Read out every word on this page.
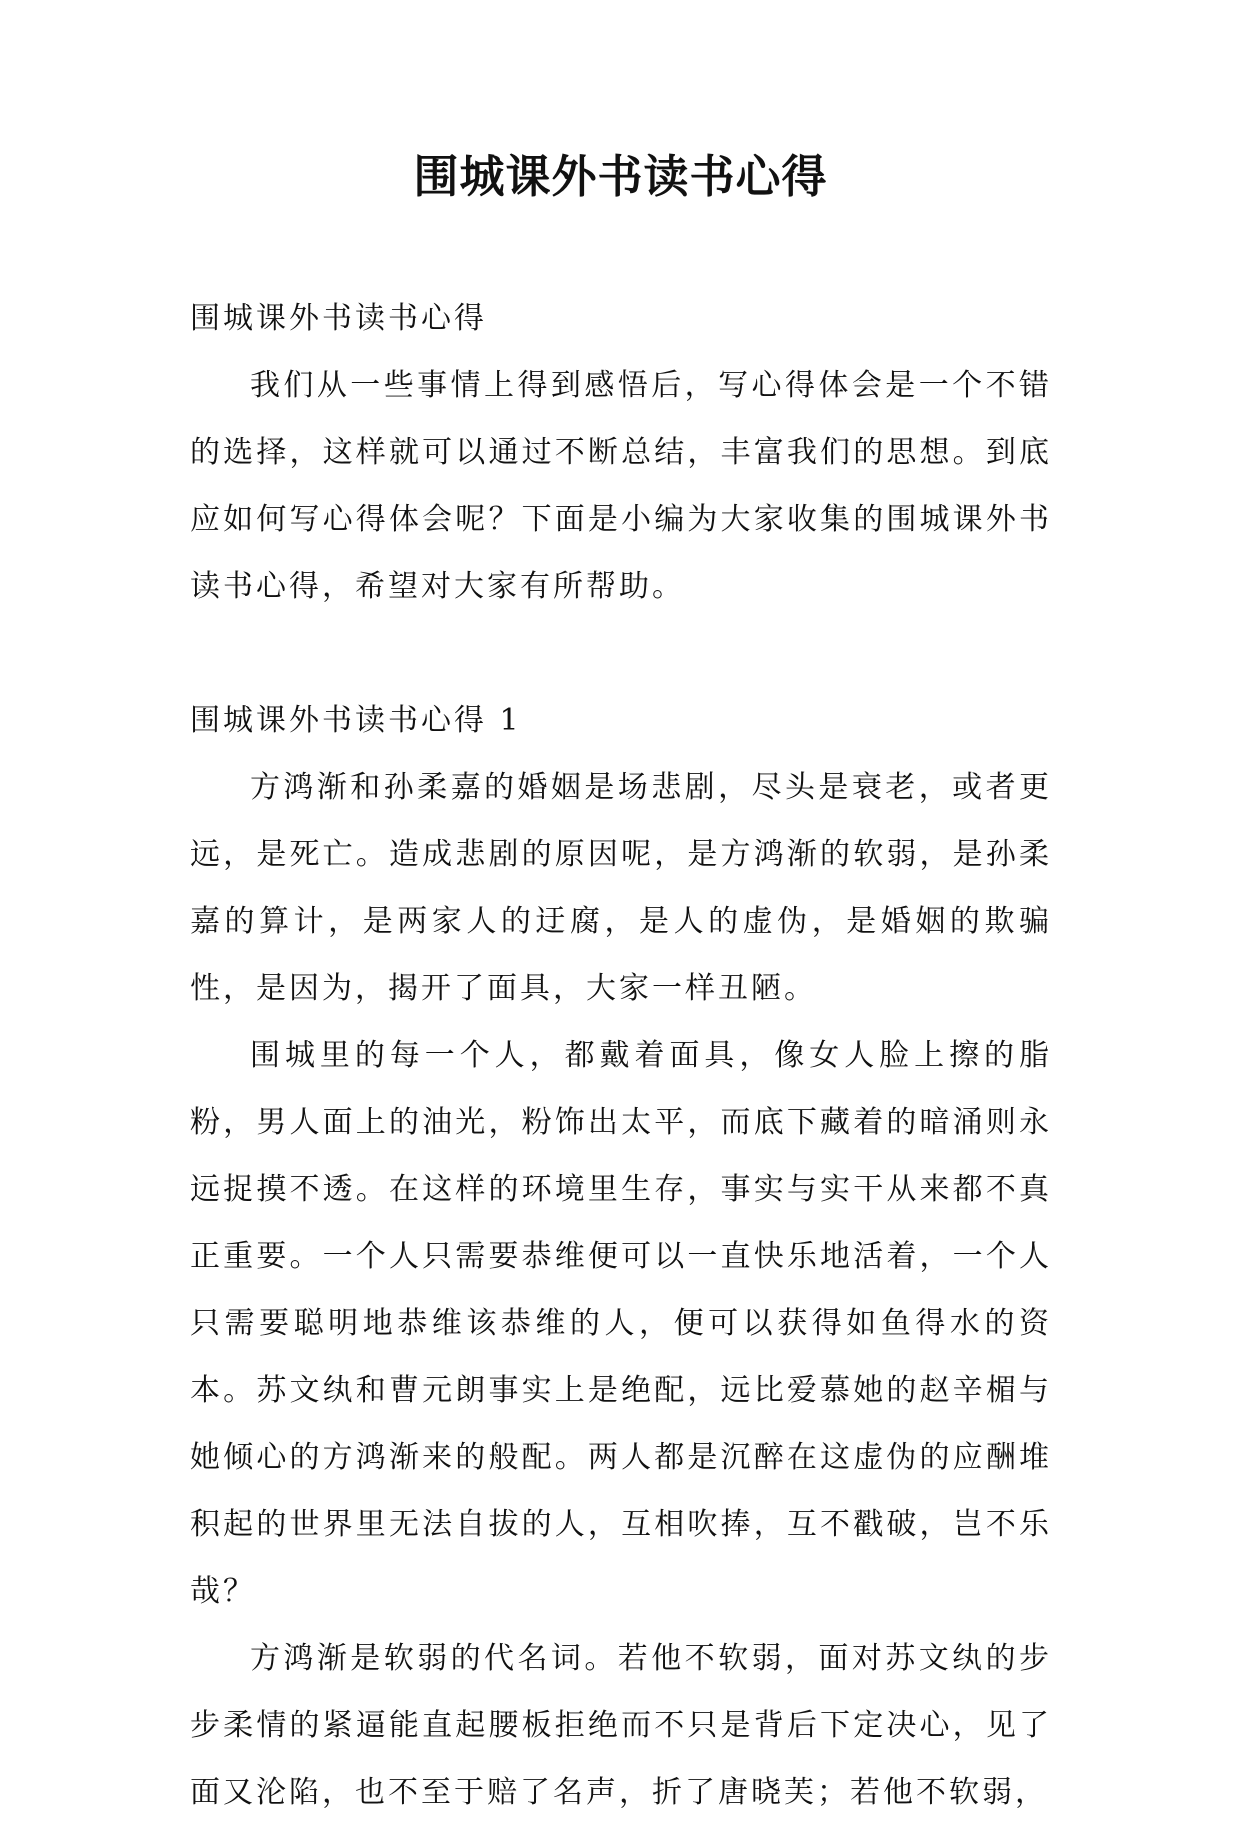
围城课外书读书心得

围城课外书读书心得

我们从一些事情上得到感悟后，写心得体会是一个不错的选择，这样就可以通过不断总结，丰富我们的思想。到底应如何写心得体会呢？下面是小编为大家收集的围城课外书读书心得，希望对大家有所帮助。

围城课外书读书心得 1

方鸿渐和孙柔嘉的婚姻是场悲剧，尽头是衰老，或者更远，是死亡。造成悲剧的原因呢，是方鸿渐的软弱，是孙柔嘉的算计，是两家人的迂腐，是人的虚伪，是婚姻的欺骗性，是因为，揭开了面具，大家一样丑陋。

围城里的每一个人，都戴着面具，像女人脸上擦的脂粉，男人面上的油光，粉饰出太平，而底下藏着的暗涌则永远捉摸不透。在这样的环境里生存，事实与实干从来都不真正重要。一个人只需要恭维便可以一直快乐地活着，一个人只需要聪明地恭维该恭维的人，便可以获得如鱼得水的资本。苏文纨和曹元朗事实上是绝配，远比爱慕她的赵辛楣与她倾心的方鸿渐来的般配。两人都是沉醉在这虚伪的应酬堆积起的世界里无法自拔的人，互相吹捧，互不戳破，岂不乐哉？

方鸿渐是软弱的代名词。若他不软弱，面对苏文纨的步步柔情的紧逼能直起腰板拒绝而不只是背后下定决心，见了面又沦陷，也不至于赔了名声，折了唐晓芙；若他不软弱，
